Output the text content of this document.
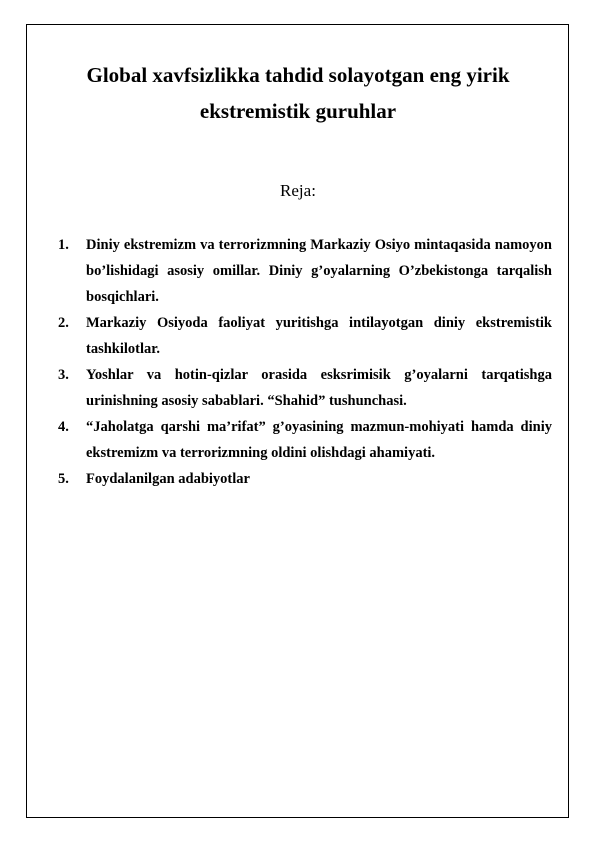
Global xavfsizlikka tahdid solayotgan eng yirik ekstremistik guruhlar

Reja:

1. Diniy ekstremizm va terrorizmning Markaziy Osiyo mintaqasida namoyon bo’lishidagi asosiy omillar. Diniy g’oyalarning O’zbekistonga tarqalish bosqichlari.
2. Markaziy Osiyoda faoliyat yuritishga intilayotgan diniy ekstremistik tashkilotlar.
3. Yoshlar va hotin-qizlar orasida esksrimisik g’oyalarni tarqatishga urinishning asosiy sabablari. “Shahid” tushunchasi.
4. “Jaholatga qarshi ma’rifat” g’oyasining mazmun-mohiyati hamda diniy ekstremizm va terrorizmning oldini olishdagi ahamiyati.
5. Foydalanilgan adabiyotlar
